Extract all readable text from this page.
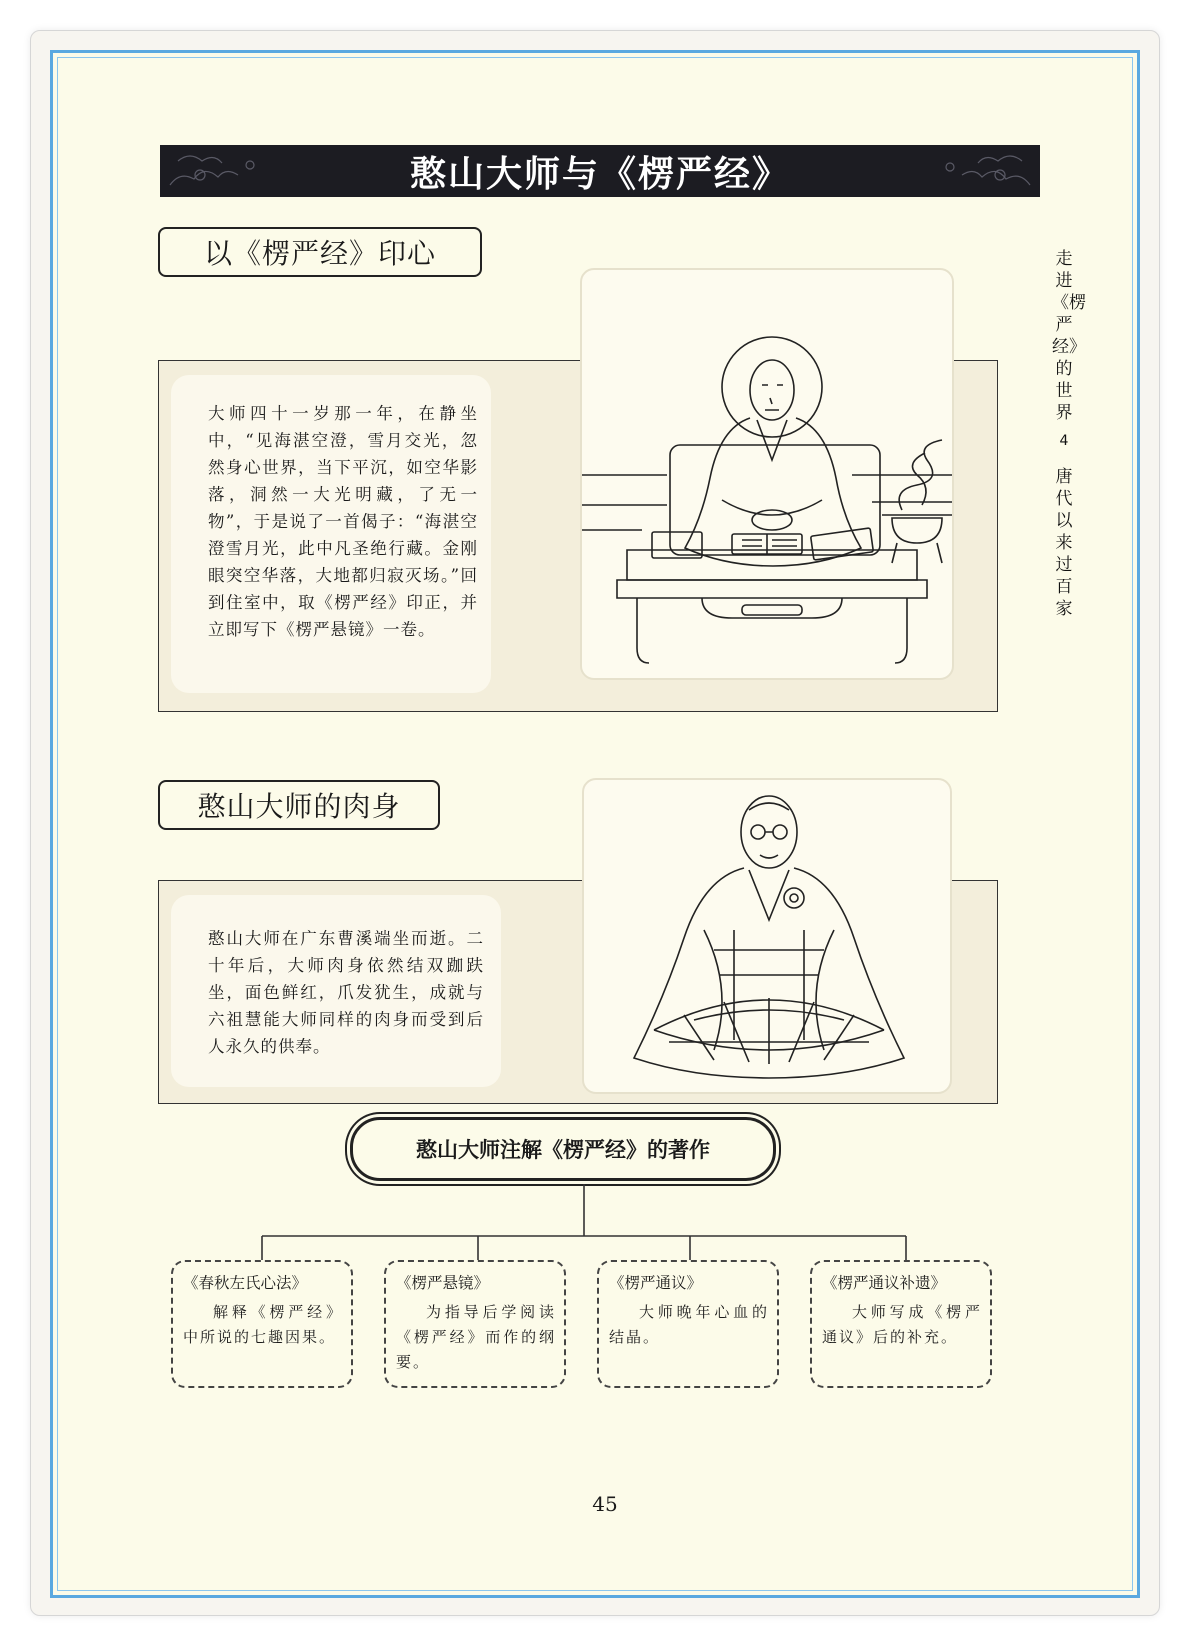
憨山大师与《楞严经》
走进《楞严经》的世界
4
唐代以来过百家
以《楞严经》印心
大师四十一岁那一年，在静坐中，“见海湛空澄，雪月交光，忽然身心世界，当下平沉，如空华影落，洞然一大光明藏，了无一物”，于是说了一首偈子：“海湛空澄雪月光，此中凡圣绝行藏。金刚眼突空华落，大地都归寂灭场。”回到住室中，取《楞严经》印正，并立即写下《楞严悬镜》一卷。
憨山大师的肉身
憨山大师在广东曹溪端坐而逝。二十年后，大师肉身依然结双跏趺坐，面色鲜红，爪发犹生，成就与六祖慧能大师同样的肉身而受到后人永久的供奉。
憨山大师注解《楞严经》的著作
《春秋左氏心法》
解释《楞严经》中所说的七趣因果。
《楞严悬镜》
为指导后学阅读《楞严经》而作的纲要。
《楞严通议》
大师晚年心血的结晶。
《楞严通议补遗》
大师写成《楞严通议》后的补充。
45
